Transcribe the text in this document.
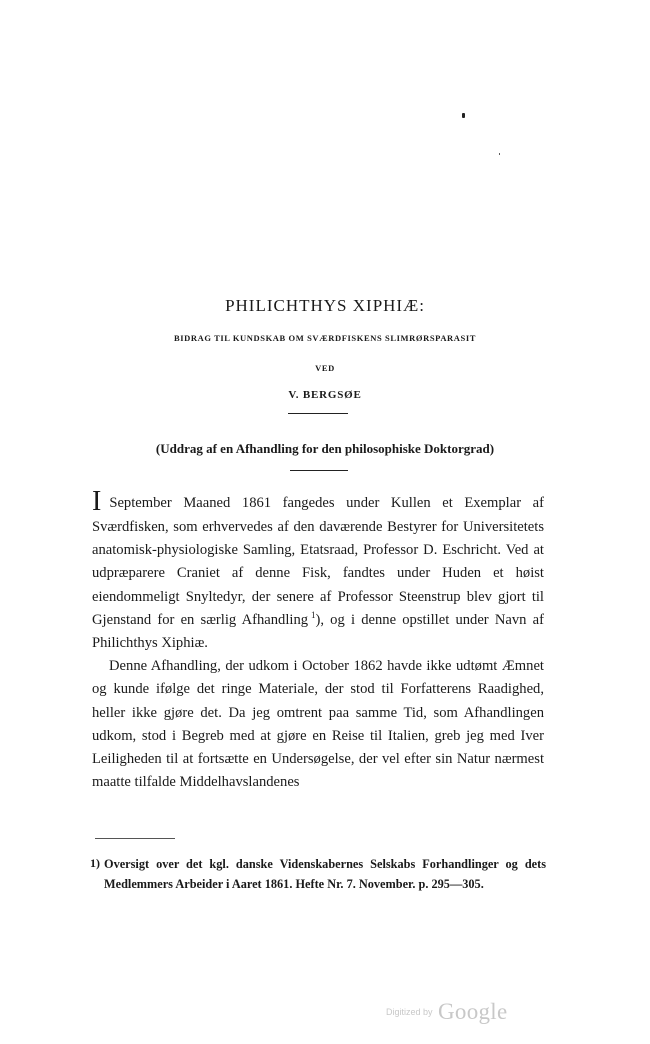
PHILICHTHYS XIPHIÆ:
BIDRAG TIL KUNDSKAB OM SVÆRDFISKENS SLIMRØRSPARASIT
VED
V. BERGSØE
(Uddrag af en Afhandling for den philosophiske Doktorgrad)

I September Maaned 1861 fangedes under Kullen et Exemplar af Sværdfisken, som erhvervedes af den daværende Bestyrer for Universitetets anatomisk-physiologiske Samling, Etatsraad, Professor D. Eschricht. Ved at udpræparere Craniet af denne Fisk, fandtes under Huden et høist eiendommeligt Snyltedyr, der senere af Professor Steenstrup blev gjort til Gjenstand for en særlig Afhandling  $^1$), og i denne opstillet under Navn af Philichthys Xiphiæ.

Denne Afhandling, der udkom i October 1862 havde ikke udtømt Æmnet og kunde ifølge det ringe Materiale, der stod til Forfatterens Raadighed, heller ikke gjøre det. Da jeg omtrent paa samme Tid, som Afhandlingen udkom, stod i Begreb med at gjøre en Reise til Italien, greb jeg med Iver Leiligheden til at fortsætte en Undersøgelse, der vel efter sin Natur nærmest maatte tilfalde Middelhavslandenes

1) Oversigt over det kgl. danske Videnskabernes Selskabs Forhandlinger og dets Medlemmers Arbeider i Aaret 1861. Hefte Nr. 7. November. p. 295—305.
$^{Digitized by}$ Google
